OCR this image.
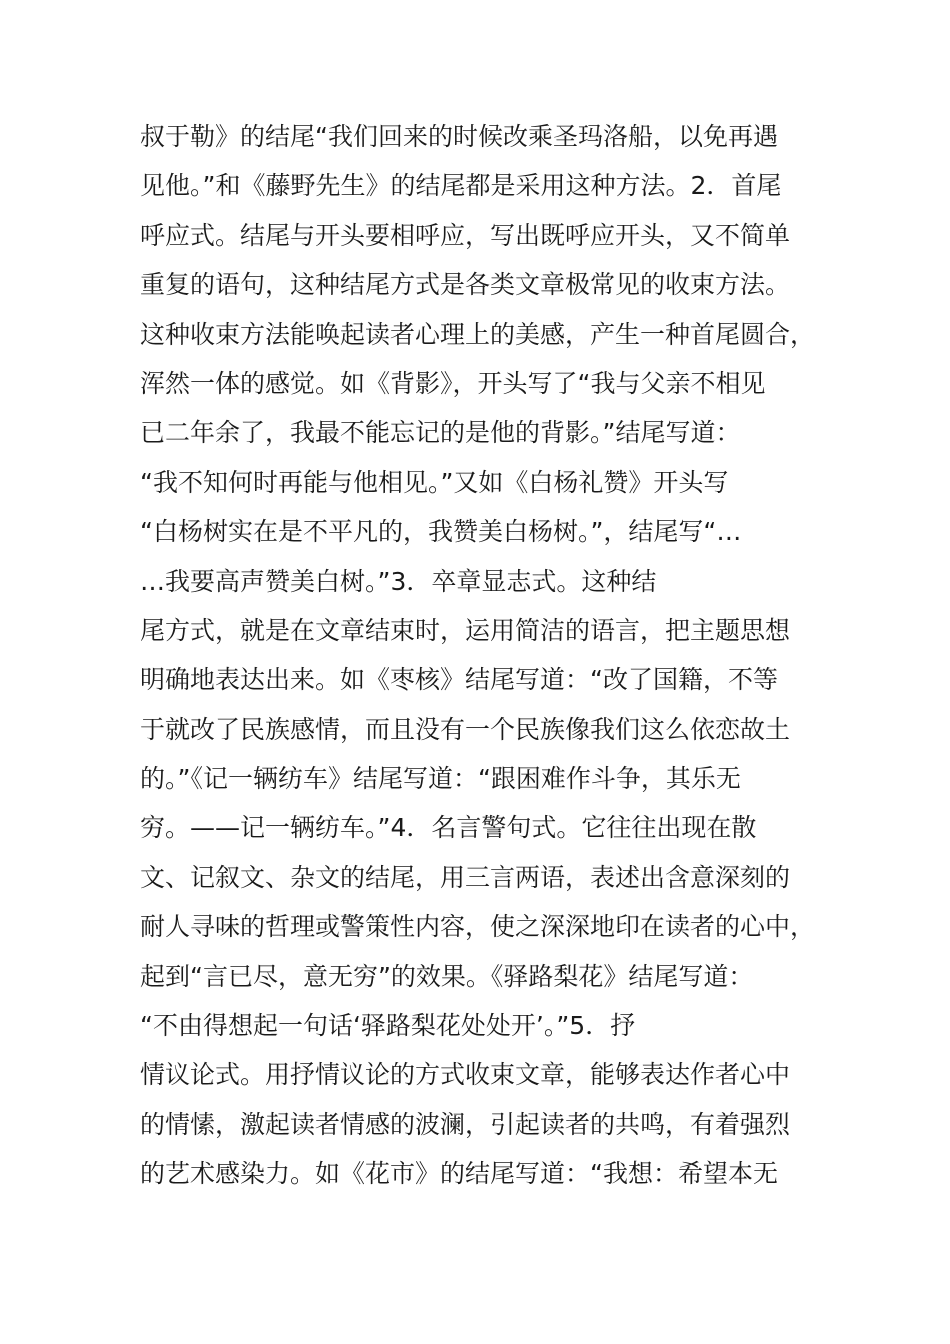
叔于勒》的结尾“我们回来的时候改乘圣玛洛船，以免再遇
见他。”和《藤野先生》的结尾都是采用这种方法。2．首尾
呼应式。结尾与开头要相呼应，写出既呼应开头，又不简单
重复的语句，这种结尾方式是各类文章极常见的收束方法。
这种收束方法能唤起读者心理上的美感，产生一种首尾圆合，
浑然一体的感觉。如《背影》，开头写了“我与父亲不相见
已二年余了，我最不能忘记的是他的背影。”结尾写道：
“我不知何时再能与他相见。”又如《白杨礼赞》开头写
“白杨树实在是不平凡的，我赞美白杨树。”，结尾写“…
…我要高声赞美白树。”3．卒章显志式。这种结
尾方式，就是在文章结束时，运用简洁的语言，把主题思想
明确地表达出来。如《枣核》结尾写道：“改了国籍，不等
于就改了民族感情，而且没有一个民族像我们这么依恋故土
的。”《记一辆纺车》结尾写道：“跟困难作斗争，其乐无
穷。——记一辆纺车。”4．名言警句式。它往往出现在散
文、记叙文、杂文的结尾，用三言两语，表述出含意深刻的
耐人寻味的哲理或警策性内容，使之深深地印在读者的心中，
起到“言已尽，意无穷”的效果。《驿路梨花》结尾写道：
“不由得想起一句话‘驿路梨花处处开’。”5．抒
情议论式。用抒情议论的方式收束文章，能够表达作者心中
的情愫，激起读者情感的波澜，引起读者的共鸣，有着强烈
的艺术感染力。如《花市》的结尾写道：“我想：希望本无
